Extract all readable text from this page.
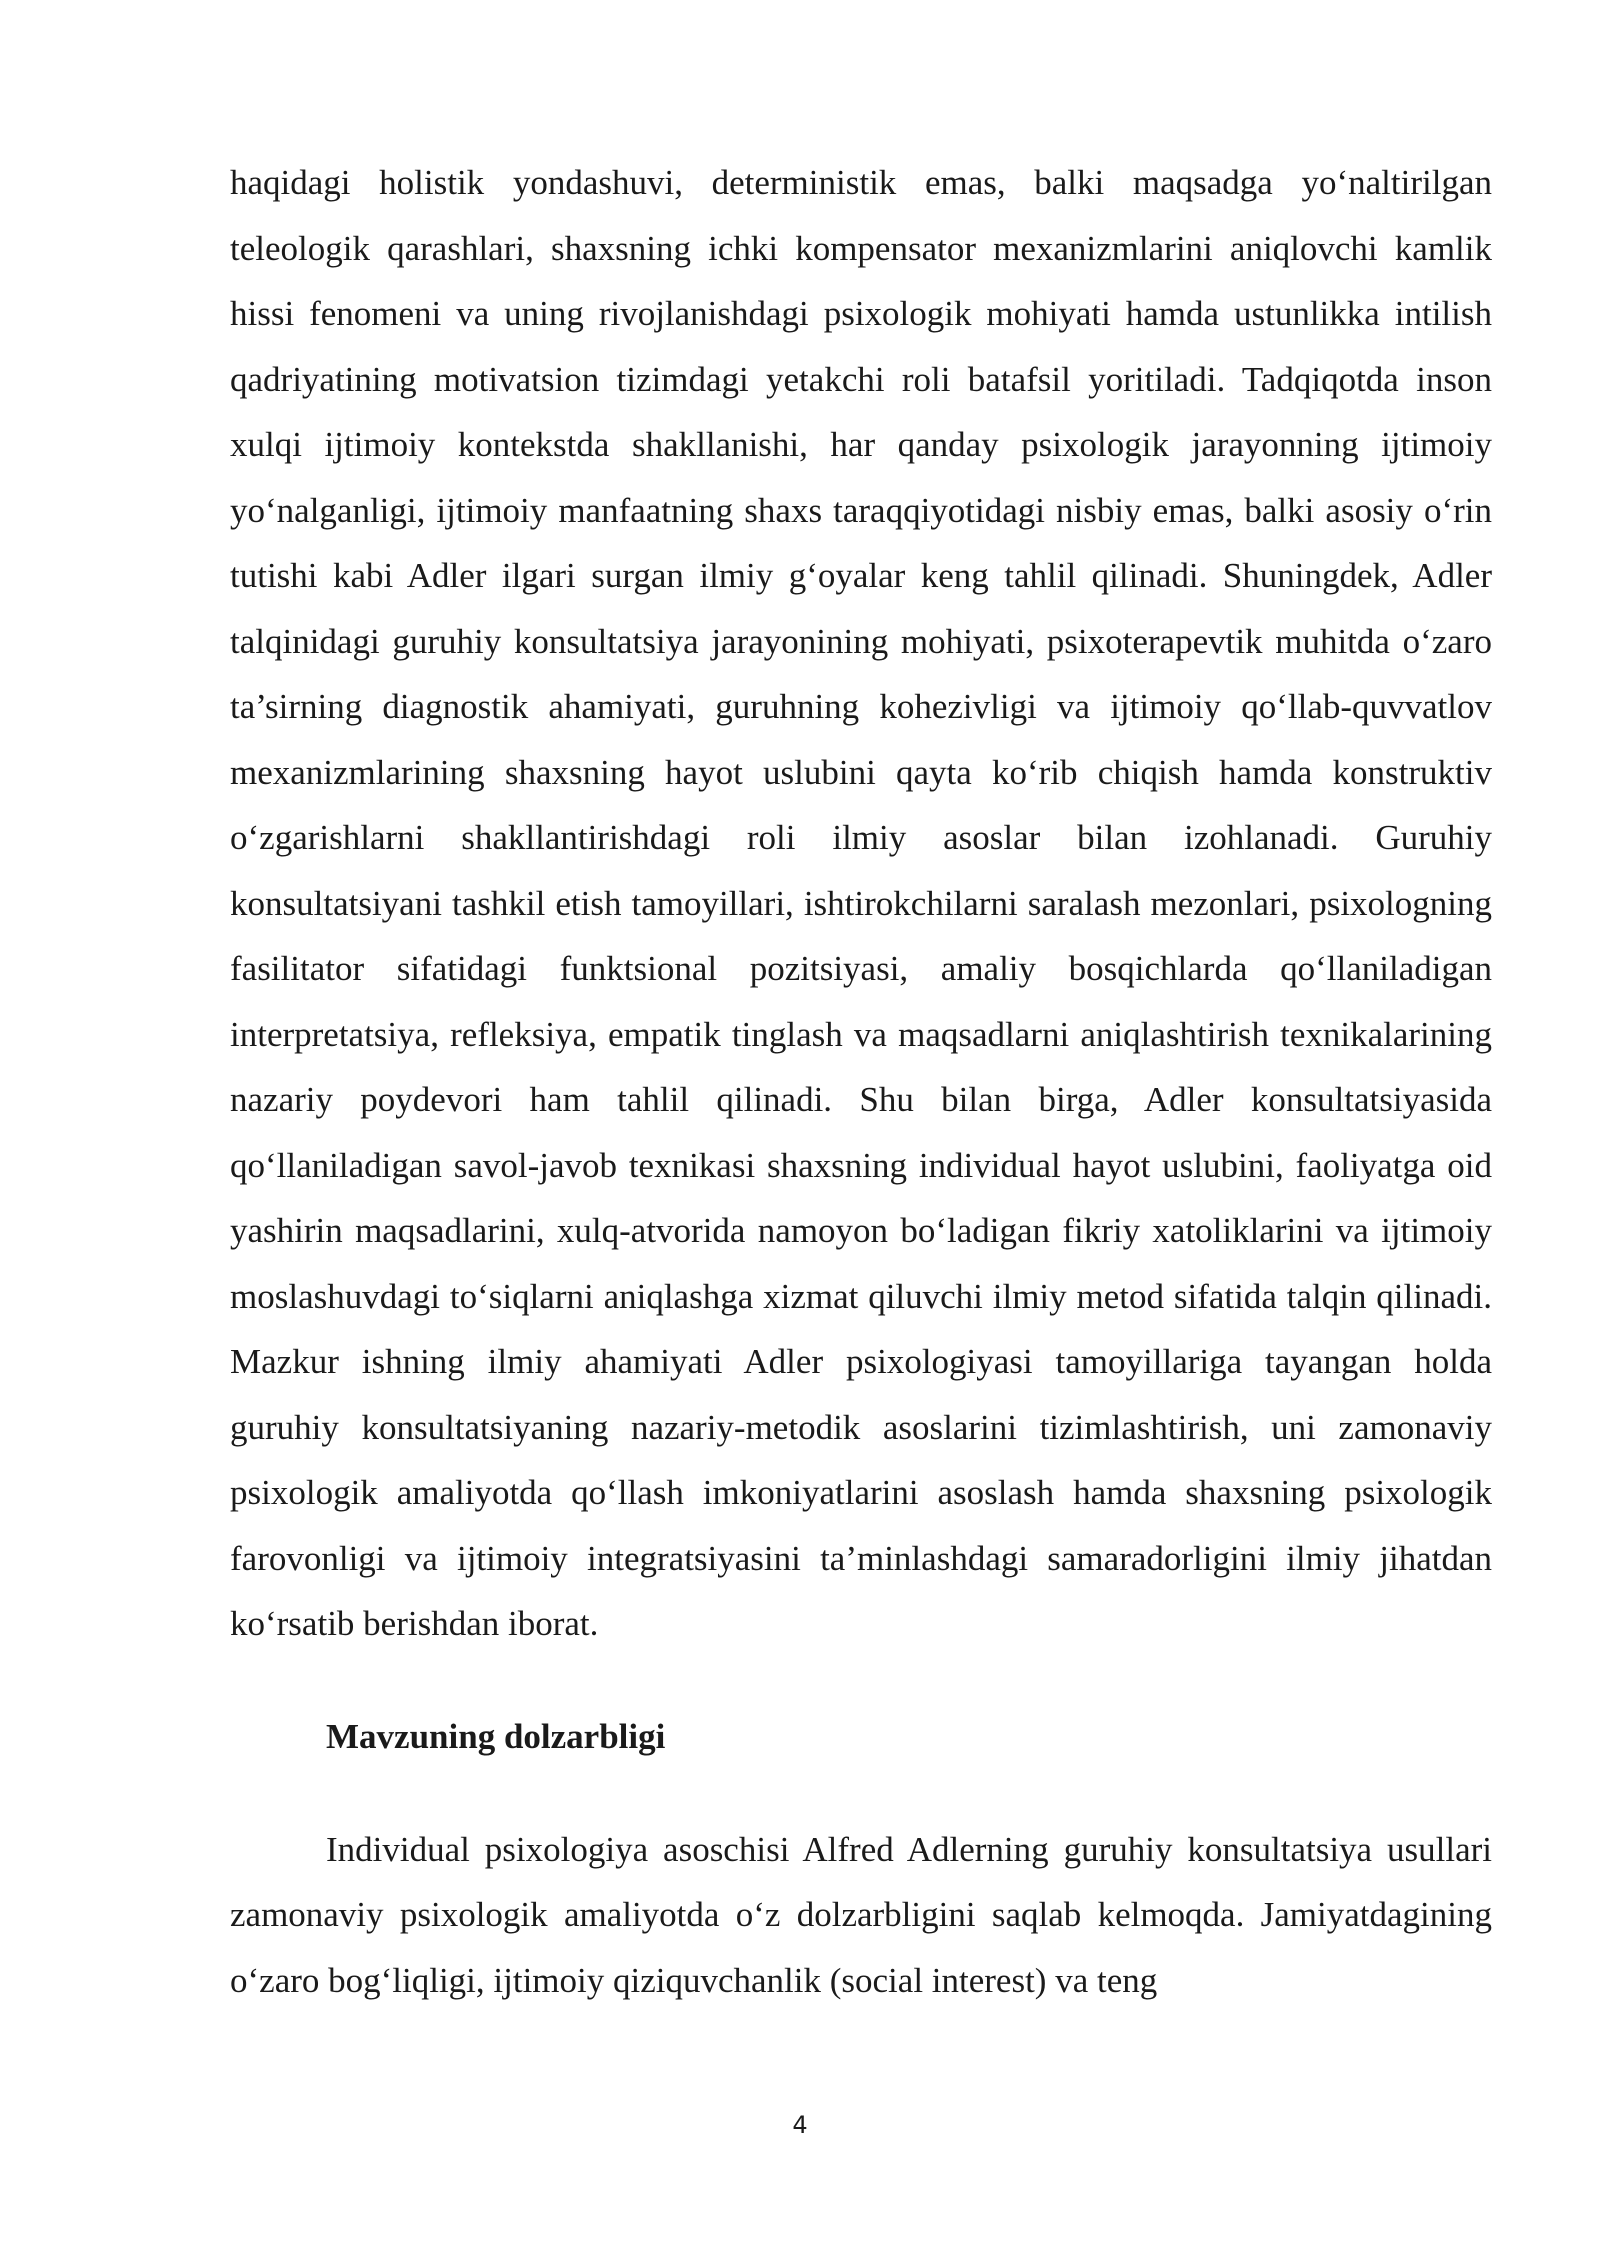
haqidagi holistik yondashuvi, deterministik emas, balki maqsadga yo‘naltirilgan teleologik qarashlari, shaxsning ichki kompensator mexanizmlarini aniqlovchi kamlik hissi fenomeni va uning rivojlanishdagi psixologik mohiyati hamda ustunlikka intilish qadriyatining motivatsion tizimdagi yetakchi roli batafsil yoritiladi. Tadqiqotda inson xulqi ijtimoiy kontekstda shakllanishi, har qanday psixologik jarayonning ijtimoiy yo‘nalganligi, ijtimoiy manfaatning shaxs taraqqiyotidagi nisbiy emas, balki asosiy o‘rin tutishi kabi Adler ilgari surgan ilmiy g‘oyalar keng tahlil qilinadi. Shuningdek, Adler talqinidagi guruhiy konsultatsiya jarayonining mohiyati, psixoterapevtik muhitda o‘zaro ta’sirning diagnostik ahamiyati, guruhning kohezivligi va ijtimoiy qo‘llab-quvvatlov mexanizmlarining shaxsning hayot uslubini qayta ko‘rib chiqish hamda konstruktiv o‘zgarishlarni shakllantirishdagi roli ilmiy asoslar bilan izohlanadi. Guruhiy konsultatsiyani tashkil etish tamoyillari, ishtirokchilarni saralash mezonlari, psixologning fasilitator sifatidagi funktsional pozitsiyasi, amaliy bosqichlarda qo‘llaniladigan interpretatsiya, refleksiya, empatik tinglash va maqsadlarni aniqlashtirish texnikalarining nazariy poydevori ham tahlil qilinadi. Shu bilan birga, Adler konsultatsiyasida qo‘llaniladigan savol-javob texnikasi shaxsning individual hayot uslubini, faoliyatga oid yashirin maqsadlarini, xulq-atvorida namoyon bo‘ladigan fikriy xatoliklarini va ijtimoiy moslashuvdagi to‘siqlarni aniqlashga xizmat qiluvchi ilmiy metod sifatida talqin qilinadi. Mazkur ishning ilmiy ahamiyati Adler psixologiyasi tamoyillariga tayangan holda guruhiy konsultatsiyaning nazariy-metodik asoslarini tizimlashtirish, uni zamonaviy psixologik amaliyotda qo‘llash imkoniyatlarini asoslash hamda shaxsning psixologik farovonligi va ijtimoiy integratsiyasini ta’minlashdagi samaradorligini ilmiy jihatdan ko‘rsatib berishdan iborat.

Mavzuning dolzarbligi

Individual psixologiya asoschisi Alfred Adlerning guruhiy konsultatsiya usullari zamonaviy psixologik amaliyotda o‘z dolzarbligini saqlab kelmoqda. Jamiyatdagining o‘zaro bog‘liqligi, ijtimoiy qiziquvchanlik (social interest) va teng

4
